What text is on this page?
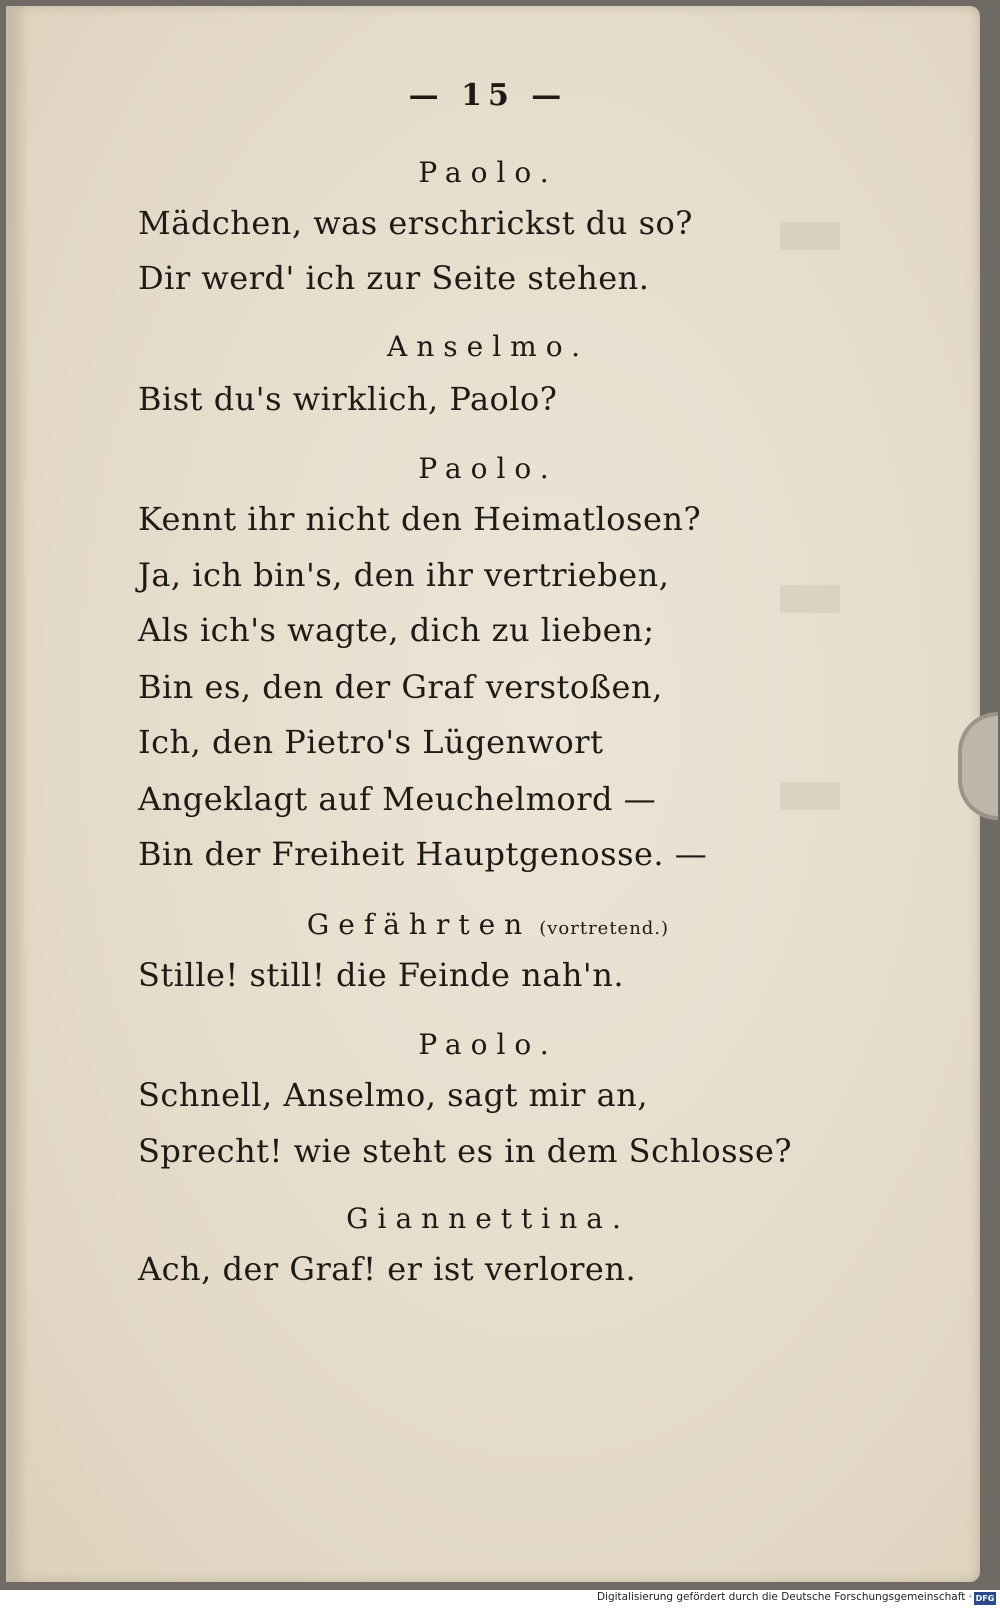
— 15 —
Paolo.
Mädchen, was erschrickst du so?
Dir werd' ich zur Seite stehen.
Anselmo.
Bist du's wirklich, Paolo?
Paolo.
Kennt ihr nicht den Heimatlosen?
Ja, ich bin's, den ihr vertrieben,
Als ich's wagte, dich zu lieben;
Bin es, den der Graf verstoßen,
Ich, den Pietro's Lügenwort
Angeklagt auf Meuchelmord —
Bin der Freiheit Hauptgenosse. —
Gefährten (vortretend.)
Stille! still! die Feinde nah'n.
Paolo.
Schnell, Anselmo, sagt mir an,
Sprecht! wie steht es in dem Schlosse?
Giannettina.
Ach, der Graf! er ist verloren.
Digitalisierung gefördert durch die Deutsche Forschungsgemeinschaft · DFG
